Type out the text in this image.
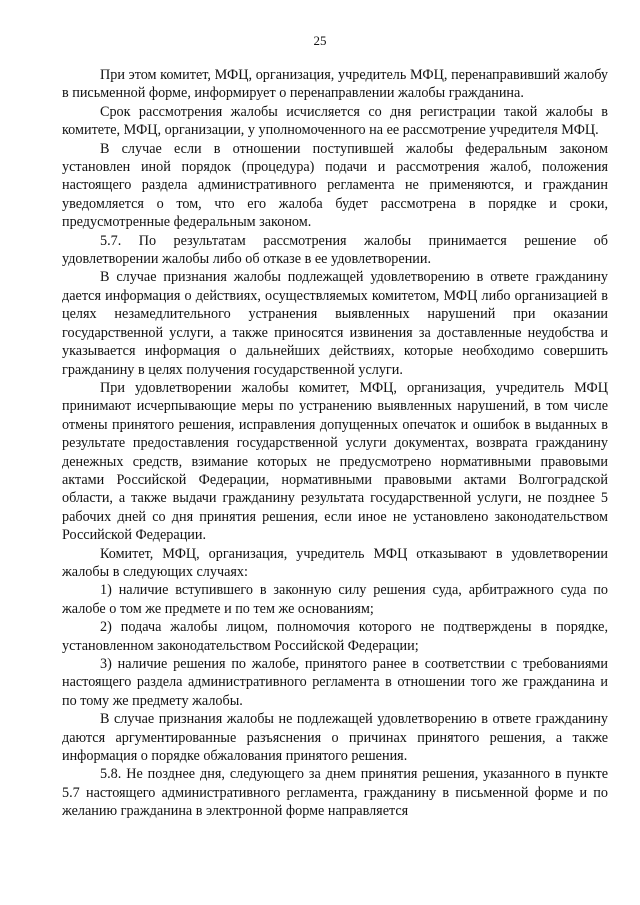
25

При этом комитет, МФЦ, организация, учредитель МФЦ, перенаправивший жалобу в письменной форме, информирует о перенаправлении жалобы гражданина.

Срок рассмотрения жалобы исчисляется со дня регистрации такой жалобы в комитете, МФЦ, организации, у уполномоченного на ее рассмотрение учредителя МФЦ.

В случае если в отношении поступившей жалобы федеральным законом установлен иной порядок (процедура) подачи и рассмотрения жалоб, положения настоящего раздела административного регламента не применяются, и гражданин уведомляется о том, что его жалоба будет рассмотрена в порядке и сроки, предусмотренные федеральным законом.

5.7. По результатам рассмотрения жалобы принимается решение об удовлетворении жалобы либо об отказе в ее удовлетворении.

В случае признания жалобы подлежащей удовлетворению в ответе гражданину дается информация о действиях, осуществляемых комитетом, МФЦ либо организацией в целях незамедлительного устранения выявленных нарушений при оказании государственной услуги, а также приносятся извинения за доставленные неудобства и указывается информация о дальнейших действиях, которые необходимо совершить гражданину в целях получения государственной услуги.

При удовлетворении жалобы комитет, МФЦ, организация, учредитель МФЦ принимают исчерпывающие меры по устранению выявленных нарушений, в том числе отмены принятого решения, исправления допущенных опечаток и ошибок в выданных в результате предоставления государственной услуги документах, возврата гражданину денежных средств, взимание которых не предусмотрено нормативными правовыми актами Российской Федерации, нормативными правовыми актами Волгоградской области, а также выдачи гражданину результата государственной услуги, не позднее 5 рабочих дней со дня принятия решения, если иное не установлено законодательством Российской Федерации.

Комитет, МФЦ, организация, учредитель МФЦ отказывают в удовлетворении жалобы в следующих случаях:

1) наличие вступившего в законную силу решения суда, арбитражного суда по жалобе о том же предмете и по тем же основаниям;

2) подача жалобы лицом, полномочия которого не подтверждены в порядке, установленном законодательством Российской Федерации;

3) наличие решения по жалобе, принятого ранее в соответствии с требованиями настоящего раздела административного регламента в отношении того же гражданина и по тому же предмету жалобы.

В случае признания жалобы не подлежащей удовлетворению в ответе гражданину даются аргументированные разъяснения о причинах принятого решения, а также информация о порядке обжалования принятого решения.

5.8. Не позднее дня, следующего за днем принятия решения, указанного в пункте 5.7 настоящего административного регламента, гражданину в письменной форме и по желанию гражданина в электронной форме направляется
